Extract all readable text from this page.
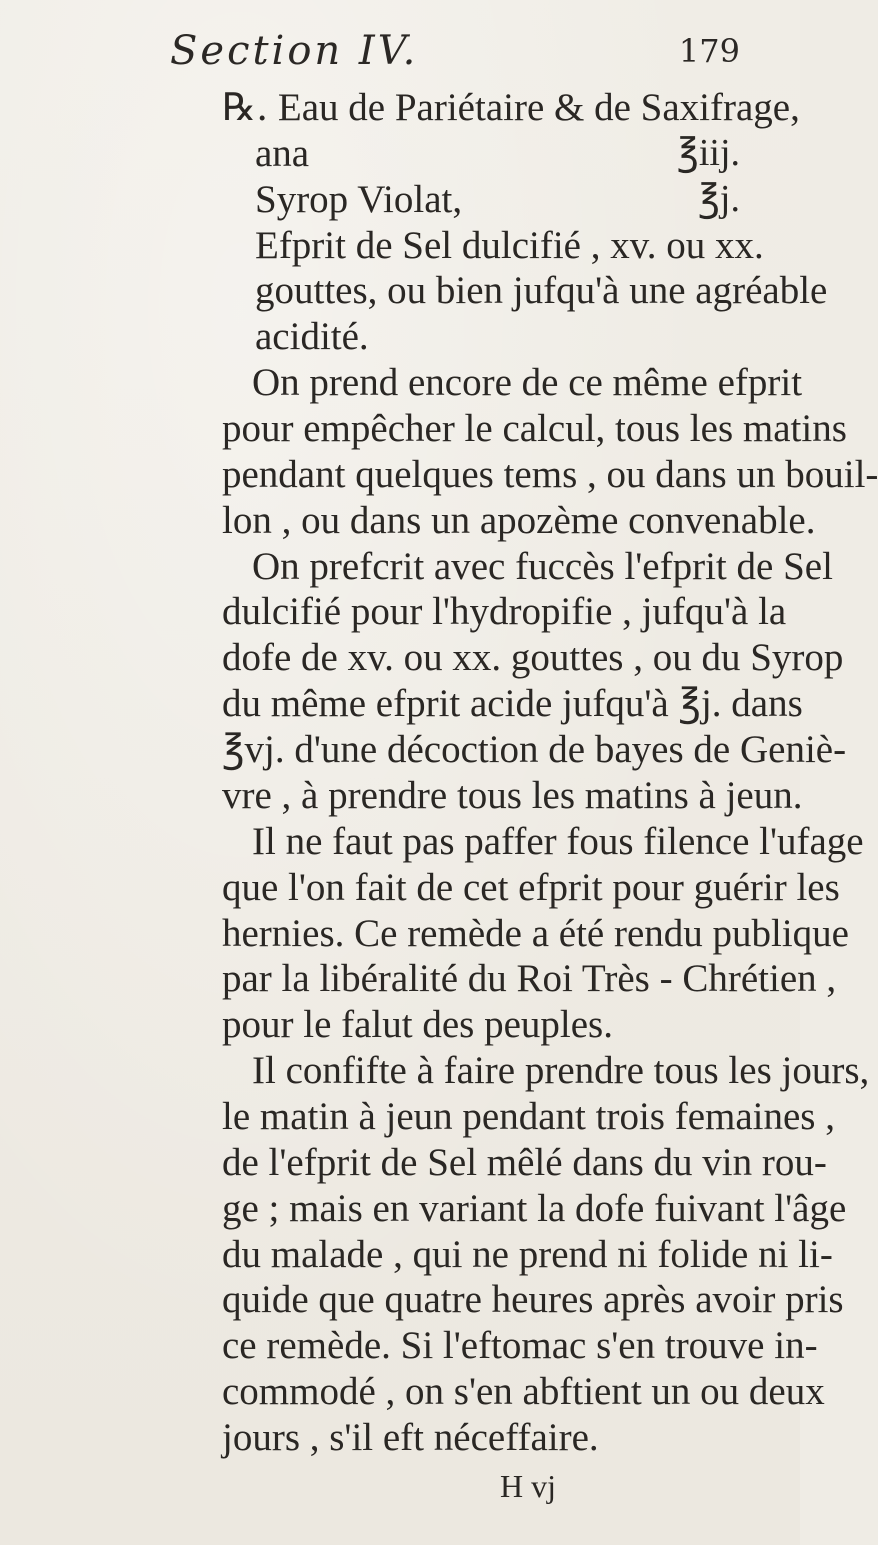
Section IV.	179
℞. Eau de Pariétaire & de Saxifrage,
ana	℥iij.
Syrop Violat,	℥j.
Efprit de Sel dulcifié , xv. ou xx.
gouttes, ou bien jufqu'à une agréable
acidité.
On prend encore de ce même efprit
pour empêcher le calcul, tous les matins
pendant quelques tems , ou dans un bouil-
lon , ou dans un apozème convenable.
On prefcrit avec fuccès l'efprit de Sel
dulcifié pour l'hydropifie , jufqu'à la
dofe de xv. ou xx. gouttes , ou du Syrop
du même efprit acide jufqu'à ℥j. dans
℥vj. d'une décoction de bayes de Geniè-
vre , à prendre tous les matins à jeun.
Il ne faut pas paffer fous filence l'ufage
que l'on fait de cet efprit pour guérir les
hernies. Ce remède a été rendu publique
par la libéralité du Roi Très - Chrétien ,
pour le falut des peuples.
Il confifte à faire prendre tous les jours,
le matin à jeun pendant trois femaines ,
de l'efprit de Sel mêlé dans du vin rou-
ge ; mais en variant la dofe fuivant l'âge
du malade , qui ne prend ni folide ni li-
quide que quatre heures après avoir pris
ce remède. Si l'eftomac s'en trouve in-
commodé , on s'en abftient un ou deux
jours , s'il eft néceffaire.
H vj
